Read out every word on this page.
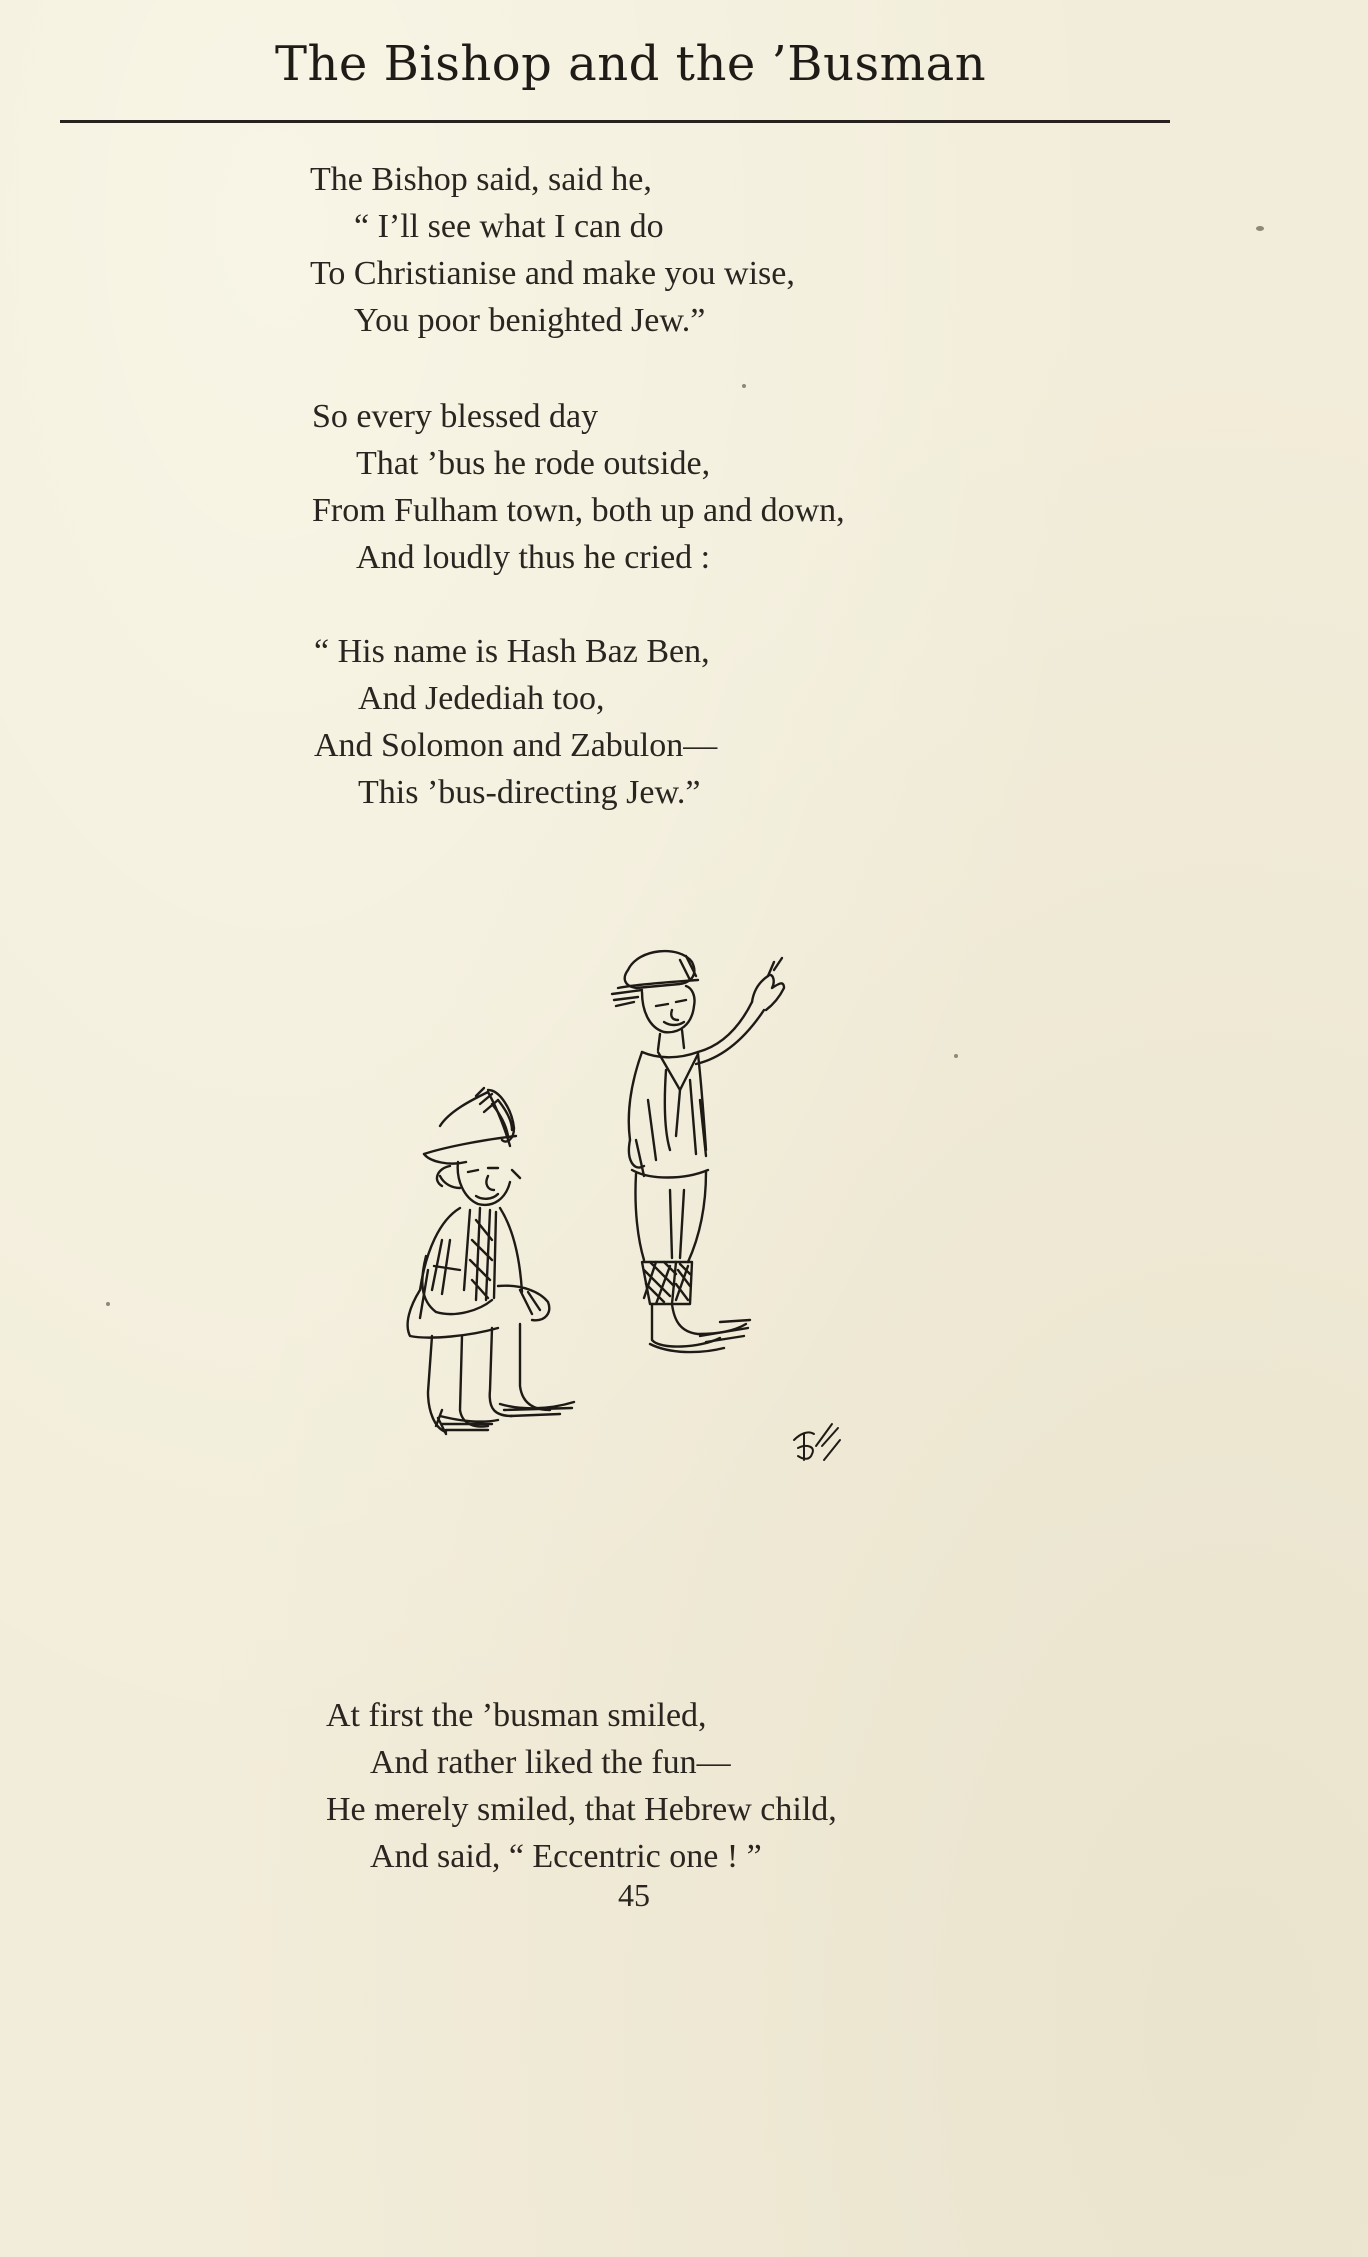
The Bishop and the ’Busman
The Bishop said, said he,
“ I’ll see what I can do
To Christianise and make you wise,
You poor benighted Jew.”
So every blessed day
That ’bus he rode outside,
From Fulham town, both up and down,
And loudly thus he cried :
“ His name is Hash Baz Ben,
And Jedediah too,
And Solomon and Zabulon—
This ’bus-directing Jew.”
At first the ’busman smiled,
And rather liked the fun—
He merely smiled, that Hebrew child,
And said, “ Eccentric one ! ”
45
